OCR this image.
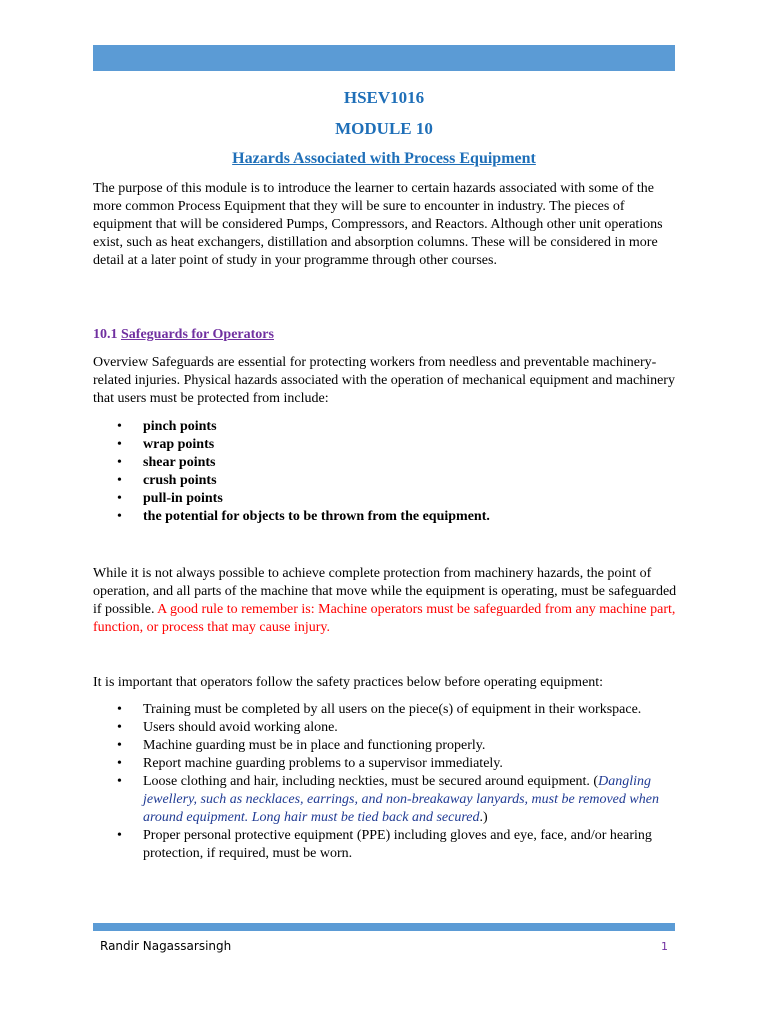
HSEV1016
MODULE 10
Hazards Associated with Process Equipment

The purpose of this module is to introduce the learner to certain hazards associated with some of the more common Process Equipment that they will be sure to encounter in industry. The pieces of equipment that will be considered Pumps, Compressors, and Reactors. Although other unit operations exist, such as heat exchangers, distillation and absorption columns. These will be considered in more detail at a later point of study in your programme through other courses.

10.1 Safeguards for Operators

Overview Safeguards are essential for protecting workers from needless and preventable machinery-related injuries. Physical hazards associated with the operation of mechanical equipment and machinery that users must be protected from include:

• pinch points
• wrap points
• shear points
• crush points
• pull-in points
• the potential for objects to be thrown from the equipment.

While it is not always possible to achieve complete protection from machinery hazards, the point of operation, and all parts of the machine that move while the equipment is operating, must be safeguarded if possible. A good rule to remember is: Machine operators must be safeguarded from any machine part, function, or process that may cause injury.

It is important that operators follow the safety practices below before operating equipment:

• Training must be completed by all users on the piece(s) of equipment in their workspace.
• Users should avoid working alone.
• Machine guarding must be in place and functioning properly.
• Report machine guarding problems to a supervisor immediately.
• Loose clothing and hair, including neckties, must be secured around equipment. (Dangling jewellery, such as necklaces, earrings, and non-breakaway lanyards, must be removed when around equipment. Long hair must be tied back and secured.)
• Proper personal protective equipment (PPE) including gloves and eye, face, and/or hearing protection, if required, must be worn.
Randir Nagassarsingh	1
